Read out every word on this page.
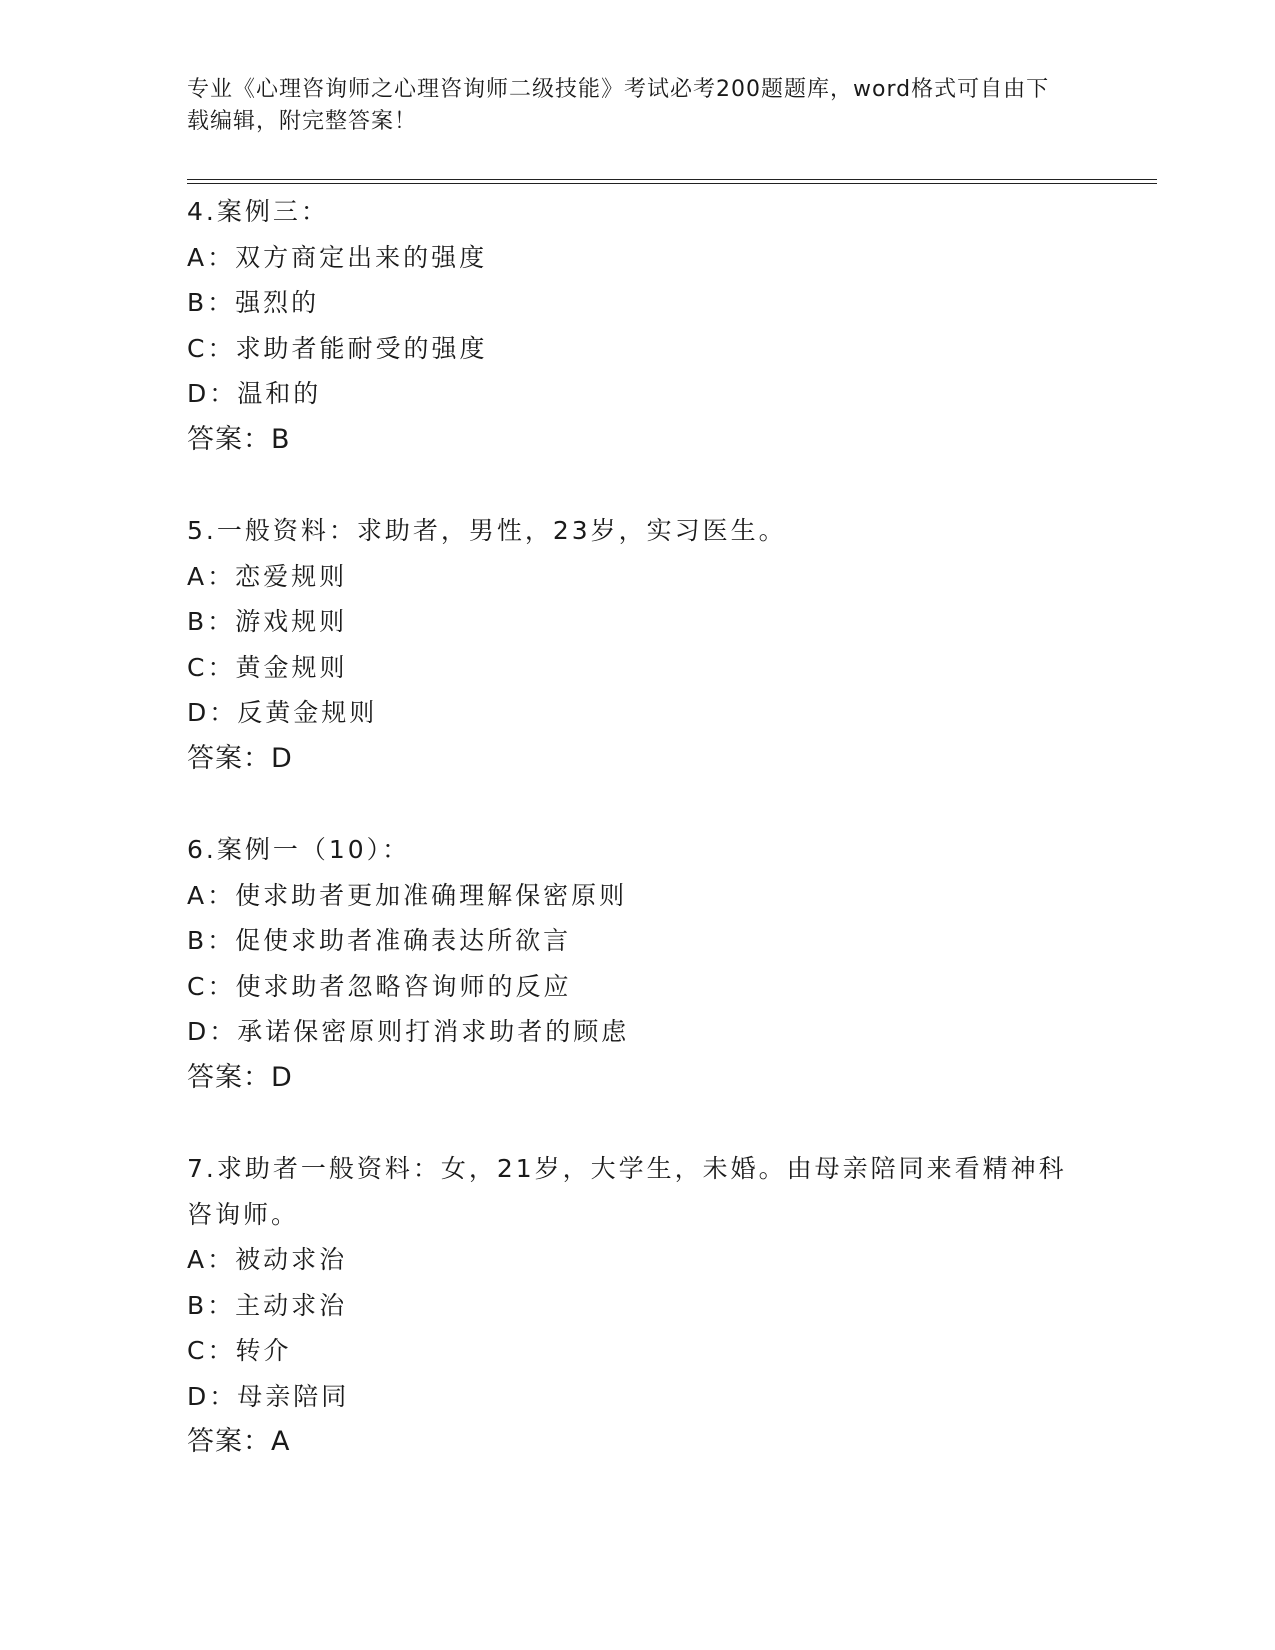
专业《心理咨询师之心理咨询师二级技能》考试必考200题题库，word格式可自由下载编辑，附完整答案！
4.案例三：
A：双方商定出来的强度
B：强烈的
C：求助者能耐受的强度
D：温和的
答案：B
5.一般资料：求助者，男性，23岁，实习医生。
A：恋爱规则
B：游戏规则
C：黄金规则
D：反黄金规则
答案：D
6.案例一（10）：
A：使求助者更加准确理解保密原则
B：促使求助者准确表达所欲言
C：使求助者忽略咨询师的反应
D：承诺保密原则打消求助者的顾虑
答案：D
7.求助者一般资料：女，21岁，大学生，未婚。由母亲陪同来看精神科咨询师。
A：被动求治
B：主动求治
C：转介
D：母亲陪同
答案：A
